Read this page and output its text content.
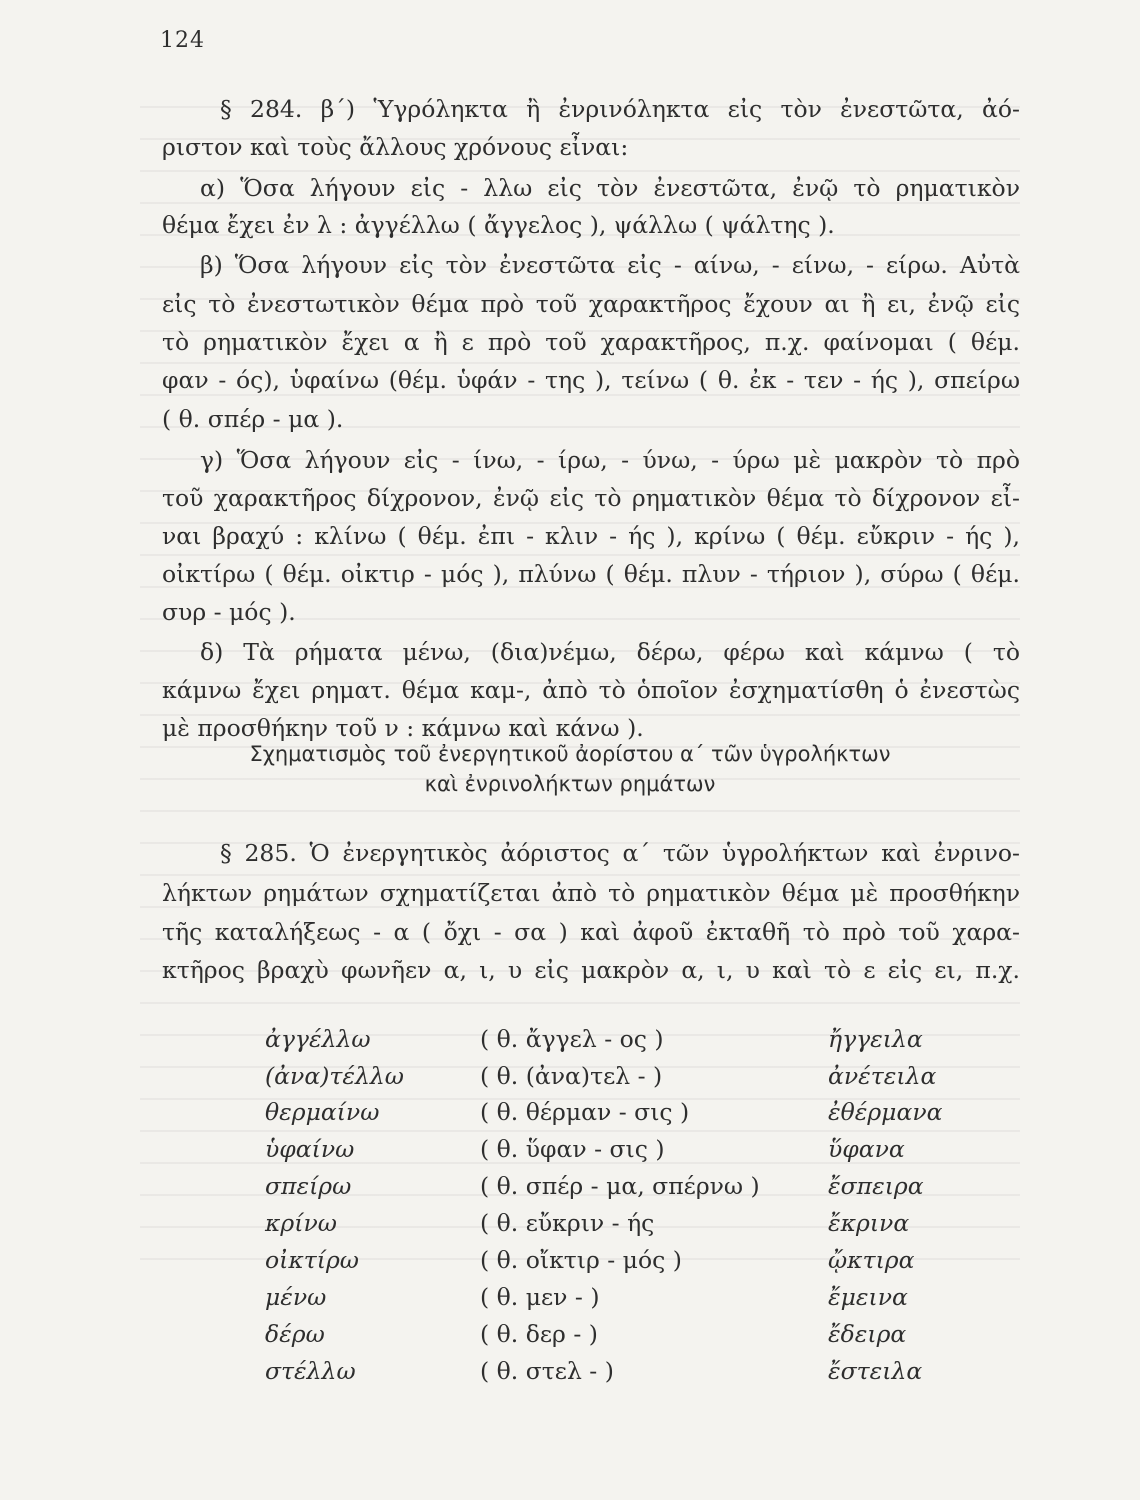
124
§ 284. β΄) Ὑγρόληκτα ἢ ἐνρινόληκτα εἰς τὸν ἐνεστῶτα, ἀό-
ριστον καὶ τοὺς ἄλλους χρόνους εἶναι:
α) Ὅσα λήγουν εἰς - λλω εἰς τὸν ἐνεστῶτα, ἐνῷ τὸ ρηματικὸν
θέμα ἔχει ἐν λ : ἀγγέλλω ( ἄγγελος ), ψάλλω ( ψάλτης ).
β) Ὅσα λήγουν εἰς τὸν ἐνεστῶτα εἰς - αίνω, - είνω, - είρω. Αὐτὰ
εἰς τὸ ἐνεστωτικὸν θέμα πρὸ τοῦ χαρακτῆρος ἔχουν αι ἢ ει, ἐνῷ εἰς
τὸ ρηματικὸν ἔχει α ἢ ε πρὸ τοῦ χαρακτῆρος, π.χ. φαίνομαι ( θέμ.
φαν - ός), ὑφαίνω (θέμ. ὑφάν - της ), τείνω ( θ. ἐκ - τεν - ής ), σπείρω
( θ. σπέρ - μα ).
γ) Ὅσα λήγουν εἰς - ίνω, - ίρω, - ύνω, - ύρω μὲ μακρὸν τὸ πρὸ
τοῦ χαρακτῆρος δίχρονον, ἐνῷ εἰς τὸ ρηματικὸν θέμα τὸ δίχρονον εἶ-
ναι βραχύ : κλίνω ( θέμ. ἐπι - κλιν - ής ), κρίνω ( θέμ. εὔκριν - ής ),
οἰκτίρω ( θέμ. οἰκτιρ - μός ), πλύνω ( θέμ. πλυν - τήριον ), σύρω ( θέμ.
συρ - μός ).
δ) Τὰ ρήματα μένω, (δια)νέμω, δέρω, φέρω καὶ κάμνω ( τὸ
κάμνω ἔχει ρηματ. θέμα καμ-, ἀπὸ τὸ ὁποῖον ἐσχηματίσθη ὁ ἐνεστὼς
μὲ προσθήκην τοῦ ν : κάμνω καὶ κάνω ).
Σχηματισμὸς τοῦ ἐνεργητικοῦ ἀορίστου α΄ τῶν ὑγρολήκτων
καὶ ἐνρινολήκτων ρημάτων
§ 285. Ὁ ἐνεργητικὸς ἀόριστος α΄ τῶν ὑγρολήκτων καὶ ἐνρινο-
λήκτων ρημάτων σχηματίζεται ἀπὸ τὸ ρηματικὸν θέμα μὲ προσθήκην
τῆς καταλήξεως - α ( ὄχι - σα ) καὶ ἀφοῦ ἐκταθῆ τὸ πρὸ τοῦ χαρα-
κτῆρος βραχὺ φωνῆεν α, ι, υ εἰς μακρὸν α, ι, υ καὶ τὸ ε εἰς ει, π.χ.
ἀγγέλλω	( θ. ἄγγελ - ος )	ἤγγειλα
(ἀνα)τέλλω	( θ. (ἀνα)τελ - )	ἀνέτειλα
θερμαίνω	( θ. θέρμαν - σις )	ἐθέρμανα
ὑφαίνω	( θ. ὕφαν - σις )	ὕφανα
σπείρω	( θ. σπέρ - μα, σπέρνω )	ἔσπειρα
κρίνω	( θ. εὔκριν - ής	ἔκρινα
οἰκτίρω	( θ. οἴκτιρ - μός )	ᾤκτιρα
μένω	( θ. μεν - )	ἔμεινα
δέρω	( θ. δερ - )	ἔδειρα
στέλλω	( θ. στελ - )	ἔστειλα
